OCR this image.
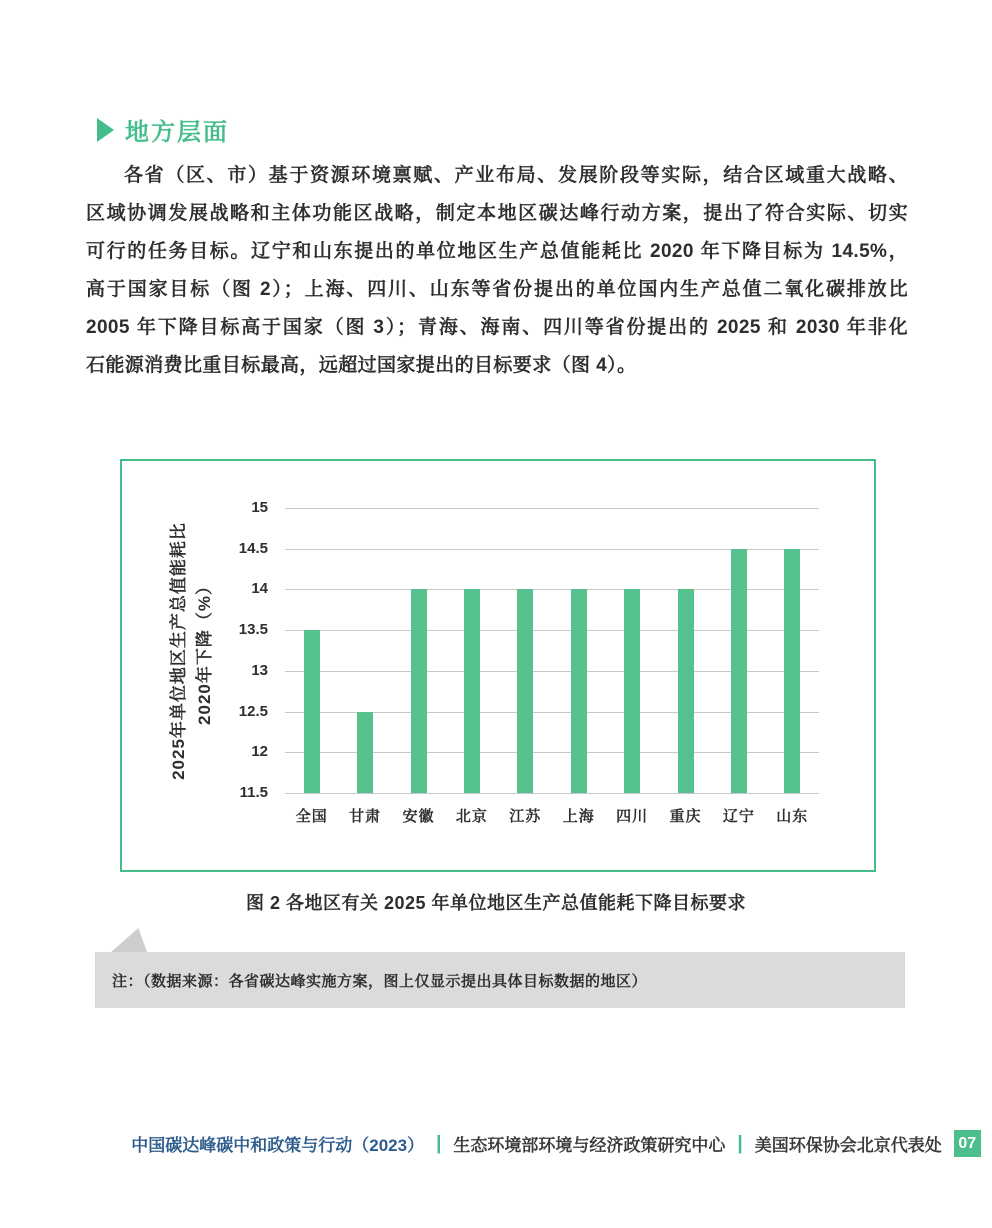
地方层面
各省（区、市）基于资源环境禀赋、产业布局、发展阶段等实际，结合区域重大战略、
区域协调发展战略和主体功能区战略，制定本地区碳达峰行动方案，提出了符合实际、切实
可行的任务目标。辽宁和山东提出的单位地区生产总值能耗比 2020 年下降目标为 14.5%，
高于国家目标（图 2）；上海、四川、山东等省份提出的单位国内生产总值二氧化碳排放比
2005 年下降目标高于国家（图 3）；青海、海南、四川等省份提出的 2025 和 2030 年非化
石能源消费比重目标最高，远超过国家提出的目标要求（图 4）。
2025年单位地区生产总值能耗比 2020年下降（%）
15
14.5
14
13.5
13
12.5
12
11.5
全国	甘肃	安徽	北京	江苏	上海	四川	重庆	辽宁	山东
图 2 各地区有关 2025 年单位地区生产总值能耗下降目标要求
注：（数据来源：各省碳达峰实施方案，图上仅显示提出具体目标数据的地区）
中国碳达峰碳中和政策与行动（2023） | 生态环境部环境与经济政策研究中心 | 美国环保协会北京代表处 07
